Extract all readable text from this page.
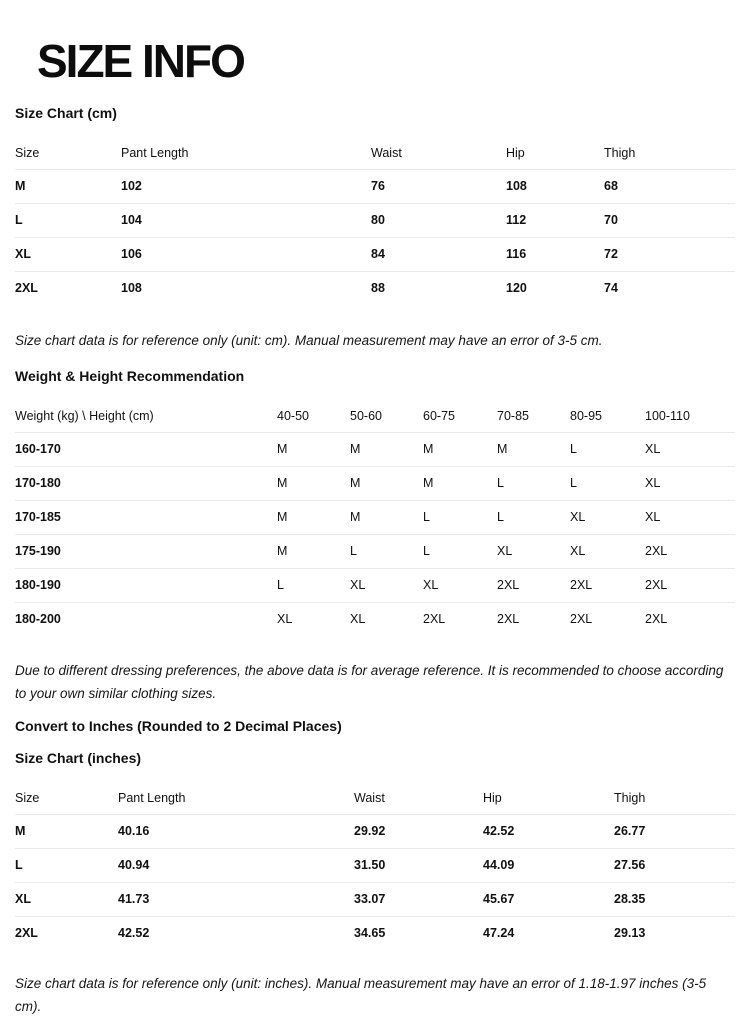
SIZE INFO
Size Chart (cm)
Size	Pant Length	Waist	Hip	Thigh
M	102	76	108	68
L	104	80	112	70
XL	106	84	116	72
2XL	108	88	120	74

Size chart data is for reference only (unit: cm). Manual measurement may have an error of 3-5 cm.

Weight & Height Recommendation
Weight (kg) \ Height (cm)	40-50	50-60	60-75	70-85	80-95	100-110
160-170	M	M	M	M	L	XL
170-180	M	M	M	L	L	XL
170-185	M	M	L	L	XL	XL
175-190	M	L	L	XL	XL	2XL
180-190	L	XL	XL	2XL	2XL	2XL
180-200	XL	XL	2XL	2XL	2XL	2XL

Due to different dressing preferences, the above data is for average reference. It is recommended to choose according to your own similar clothing sizes.

Convert to Inches (Rounded to 2 Decimal Places)
Size Chart (inches)
Size	Pant Length	Waist	Hip	Thigh
M	40.16	29.92	42.52	26.77
L	40.94	31.50	44.09	27.56
XL	41.73	33.07	45.67	28.35
2XL	42.52	34.65	47.24	29.13

Size chart data is for reference only (unit: inches). Manual measurement may have an error of 1.18-1.97 inches (3-5 cm).
